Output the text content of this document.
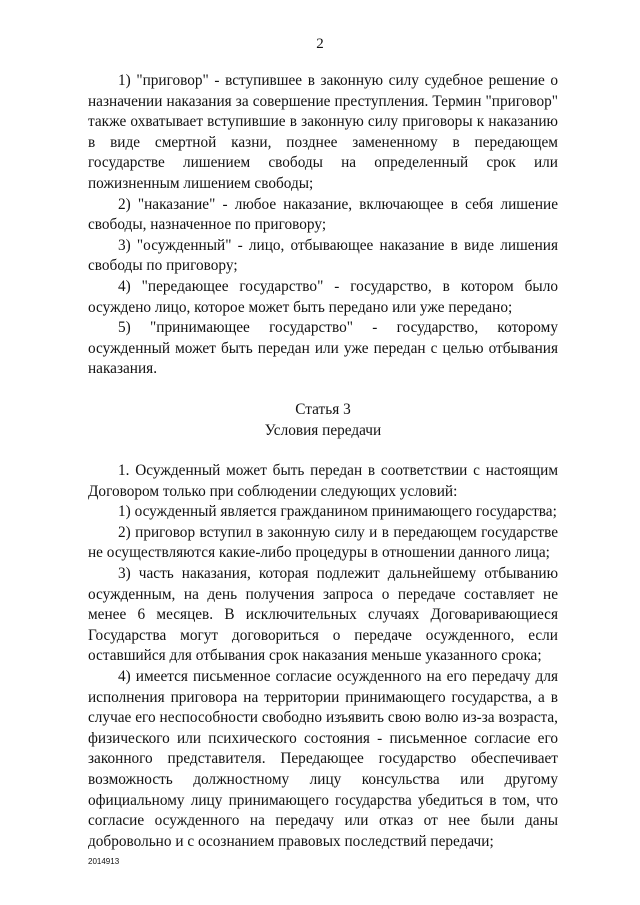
2

1) "приговор" - вступившее в законную силу судебное решение о назначении наказания за совершение преступления. Термин "приговор" также охватывает вступившие в законную силу приговоры к наказанию в виде смертной казни, позднее замененному в передающем государстве лишением свободы на определенный срок или пожизненным лишением свободы;

2) "наказание" - любое наказание, включающее в себя лишение свободы, назначенное по приговору;

3) "осужденный" - лицо, отбывающее наказание в виде лишения свободы по приговору;

4) "передающее государство" - государство, в котором было осуждено лицо, которое может быть передано или уже передано;

5) "принимающее государство" - государство, которому осужденный может быть передан или уже передан с целью отбывания наказания.

Статья 3

Условия передачи

1. Осужденный может быть передан в соответствии с настоящим Договором только при соблюдении следующих условий:

1) осужденный является гражданином принимающего государства;

2) приговор вступил в законную силу и в передающем государстве не осуществляются какие-либо процедуры в отношении данного лица;

3) часть наказания, которая подлежит дальнейшему отбыванию осужденным, на день получения запроса о передаче составляет не менее 6 месяцев. В исключительных случаях Договаривающиеся Государства могут договориться о передаче осужденного, если оставшийся для отбывания срок наказания меньше указанного срока;

4) имеется письменное согласие осужденного на его передачу для исполнения приговора на территории принимающего государства, а в случае его неспособности свободно изъявить свою волю из-за возраста, физического или психического состояния - письменное согласие его законного представителя. Передающее государство обеспечивает возможность должностному лицу консульства или другому официальному лицу принимающего государства убедиться в том, что согласие осужденного на передачу или отказ от нее были даны добровольно и с осознанием правовых последствий передачи;

2014913
